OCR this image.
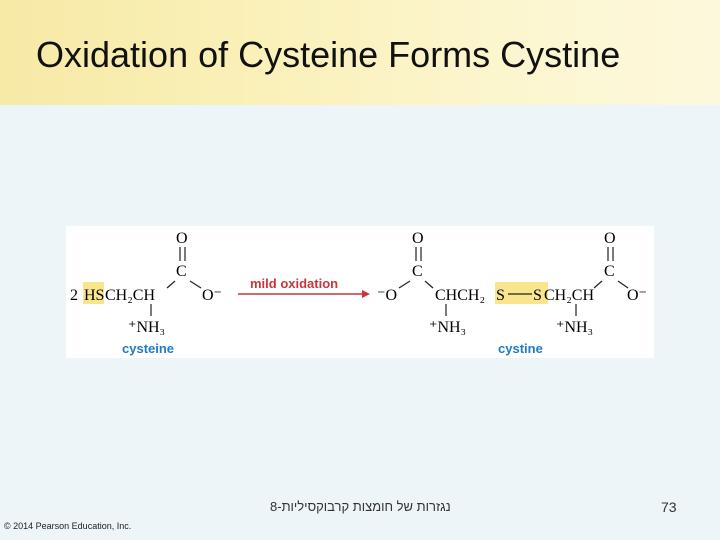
Oxidation of Cysteine Forms Cystine
2 HS CH₂CH
O
C
O⁻
⁺NH₃
cysteine
mild oxidation
⁻O
O
C
CHCH₂ S S CH₂CH
O
C
O⁻
⁺NH₃	⁺NH₃
cystine
8-נגזרות של חומצות קרבוקסיליות	73
© 2014 Pearson Education, Inc.
